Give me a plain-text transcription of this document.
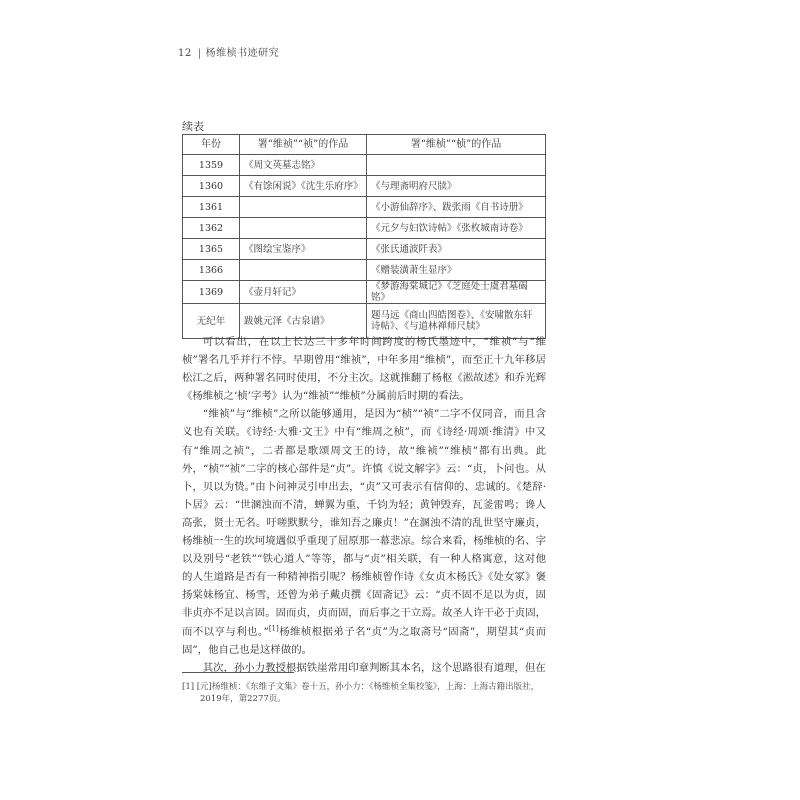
12 | 杨维桢书迹研究
续表
年份	署“维祯”“祯”的作品	署“维桢”“桢”的作品
1359	《周文英墓志铭》	
1360	《有馀闲说》《沈生乐府序》	《与理斋明府尺牍》
1361		《小游仙辞序》、跋张雨《自书诗册》
1362		《元夕与妇饮诗帖》《张枚城南诗卷》
1365	《图绘宝鉴序》	《张氏通波阡表》
1366		《赠装潢萧生显序》
1369	《壶月轩记》	《梦游海棠城记》《芝庭处士虞君墓碣铭》
无纪年	跋姚元泽《古泉谱》	题马远《商山四皓图卷》、《安啸散东轩诗帖》、《与道林禅师尺牍》

可以看出，在以上长达三十多年时间跨度的杨氏墨迹中，“维祯”与“维桢”署名几乎并行不悖。早期曾用“维祯”，中年多用“维桢”，而至正十九年移居松江之后，两种署名同时使用，不分主次。这就推翻了杨枢《淞故述》和乔光辉《杨维桢之‘桢’字考》认为“维祯”“维桢”分属前后时期的看法。

“维祯”与“维桢”之所以能够通用，是因为“桢”“祯”二字不仅同音，而且含义也有关联。《诗经·大雅·文王》中有“维周之桢”，而《诗经·周颂·维清》中又有“维周之祯”，二者都是歌颂周文王的诗，故“维祯”“维桢”都有出典。此外，“桢”“祯”二字的核心部件是“贞”。许慎《说文解字》云：“贞，卜问也。从卜，贝以为贽。”由卜问神灵引申出去，“贞”又可表示有信仰的、忠诚的。《楚辞·卜居》云：“世溷浊而不清，蝉翼为重，千钧为轻；黄钟毁弃，瓦釜雷鸣；谗人高张，贤士无名。吁嗟默默兮，谁知吾之廉贞！”在溷浊不清的乱世坚守廉贞，杨维桢一生的坎坷境遇似乎重现了屈原那一幕悲凉。综合来看，杨维桢的名、字以及别号“老铁”“铁心道人”等等，都与“贞”相关联，有一种人格寓意，这对他的人生道路是否有一种精神指引呢？杨维桢曾作诗《女贞木杨氏》《处女冢》褒扬棠妹杨宜、杨雪，还曾为弟子戴贞撰《固斋记》云：“贞不固不足以为贞，固非贞亦不足以言固。固而贞，贞而固，而后事之干立焉。故圣人许干必于贞固，而不以亨与利也。”[1]杨维桢根据弟子名“贞”为之取斋号“固斋”，期望其“贞而固”，他自己也是这样做的。

其次，孙小力教授根据铁崖常用印章判断其本名，这个思路很有道理，但在

[1] [元]杨维桢：《东维子文集》卷十五，孙小力：《杨维桢全集校笺》，上海：上海古籍出版社，
2019年，第2277页。
